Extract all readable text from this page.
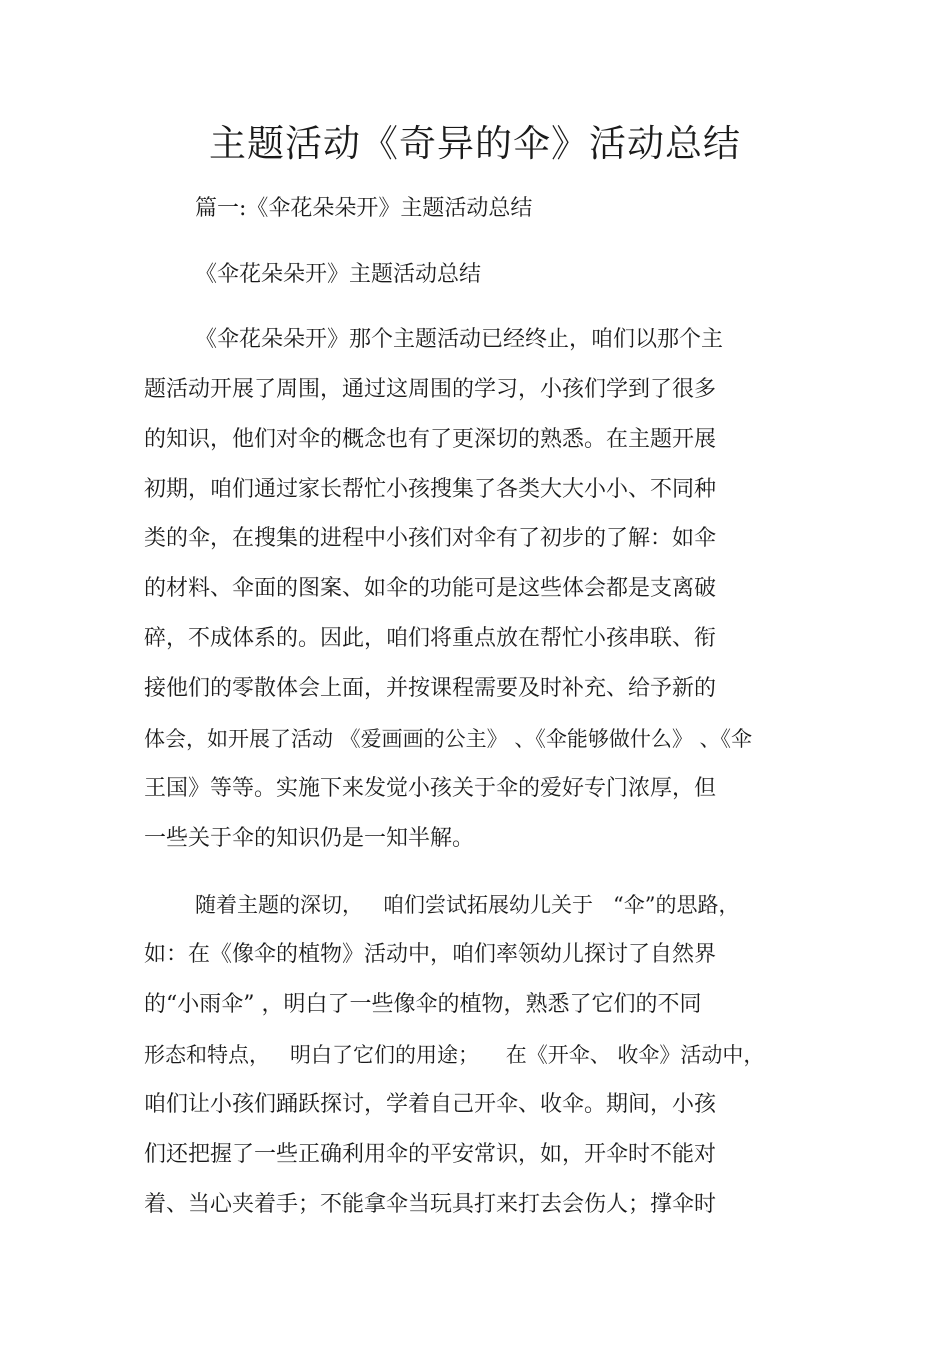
主题活动《奇异的伞》活动总结
篇一:《伞花朵朵开》主题活动总结
《伞花朵朵开》主题活动总结
《伞花朵朵开》那个主题活动已经终止，咱们以那个主
题活动开展了周围，通过这周围的学习，小孩们学到了很多
的知识，他们对伞的概念也有了更深切的熟悉。在主题开展
初期，咱们通过家长帮忙小孩搜集了各类大大小小、不同种
类的伞，在搜集的进程中小孩们对伞有了初步的了解：如伞
的材料、伞面的图案、如伞的功能可是这些体会都是支离破
碎，不成体系的。因此，咱们将重点放在帮忙小孩串联、衔
接他们的零散体会上面，并按课程需要及时补充、给予新的
体会，如开展了活动 《爱画画的公主》 、《伞能够做什么》 、《伞
王国》等等。实施下来发觉小孩关于伞的爱好专门浓厚，但
一些关于伞的知识仍是一知半解。
随着主题的深切，   咱们尝试拓展幼儿关于   “伞”的思路，
如：在《像伞的植物》活动中，咱们率领幼儿探讨了自然界
的“小雨伞” ，明白了一些像伞的植物，熟悉了它们的不同
形态和特点，   明白了它们的用途；    在《开伞、 收伞》活动中，
咱们让小孩们踊跃探讨，学着自己开伞、收伞。期间，小孩
们还把握了一些正确利用伞的平安常识，如，开伞时不能对
着、当心夹着手；不能拿伞当玩具打来打去会伤人；撑伞时
